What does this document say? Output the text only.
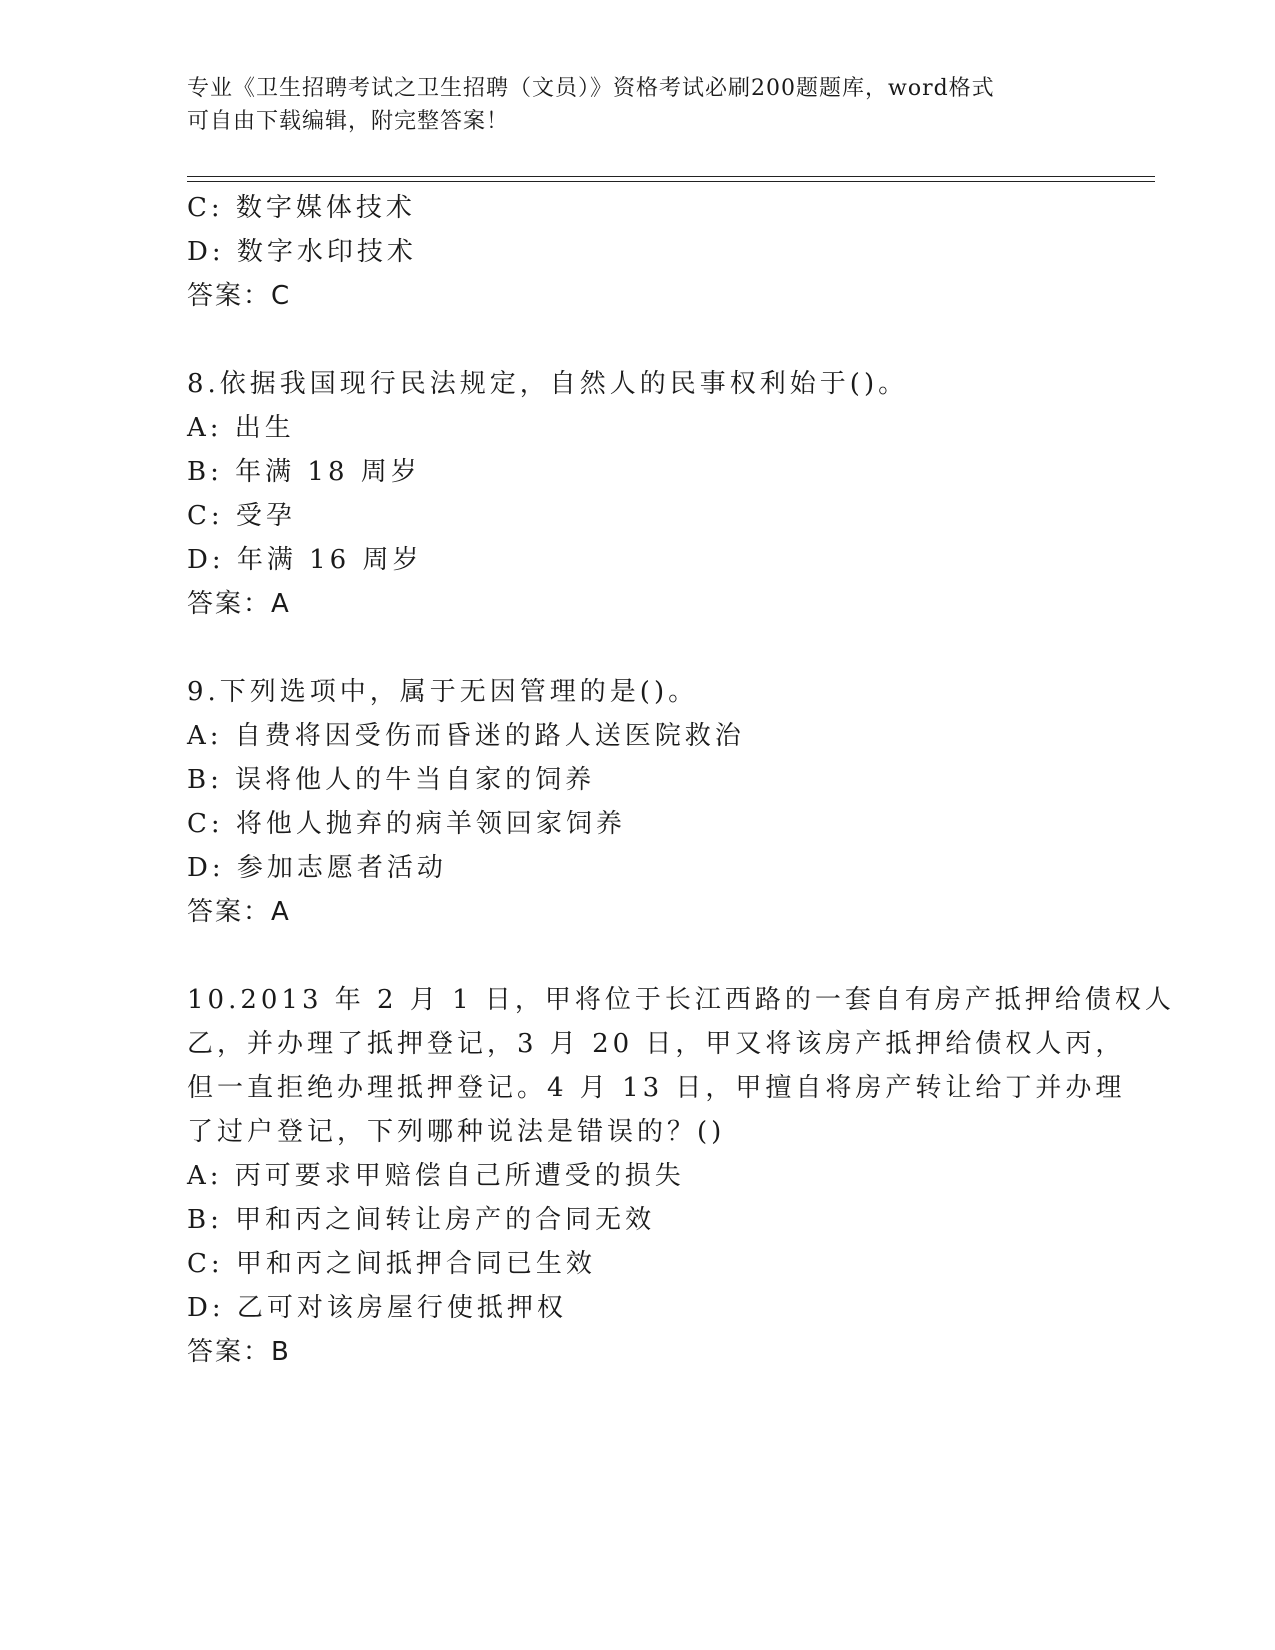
专业《卫生招聘考试之卫生招聘（文员）》资格考试必刷200题题库，word格式
可自由下载编辑，附完整答案！
C: 数字媒体技术
D: 数字水印技术
答案：C
8.依据我国现行民法规定，自然人的民事权利始于()。
A: 出生
B: 年满 18 周岁
C: 受孕
D: 年满 16 周岁
答案：A
9.下列选项中，属于无因管理的是()。
A: 自费将因受伤而昏迷的路人送医院救治
B: 误将他人的牛当自家的饲养
C: 将他人抛弃的病羊领回家饲养
D: 参加志愿者活动
答案：A
10.2013 年 2 月 1 日，甲将位于长江西路的一套自有房产抵押给债权人
乙，并办理了抵押登记，3 月 20 日，甲又将该房产抵押给债权人丙，
但一直拒绝办理抵押登记。4 月 13 日，甲擅自将房产转让给丁并办理
了过户登记，下列哪种说法是错误的？()
A: 丙可要求甲赔偿自己所遭受的损失
B: 甲和丙之间转让房产的合同无效
C: 甲和丙之间抵押合同已生效
D: 乙可对该房屋行使抵押权
答案：B
